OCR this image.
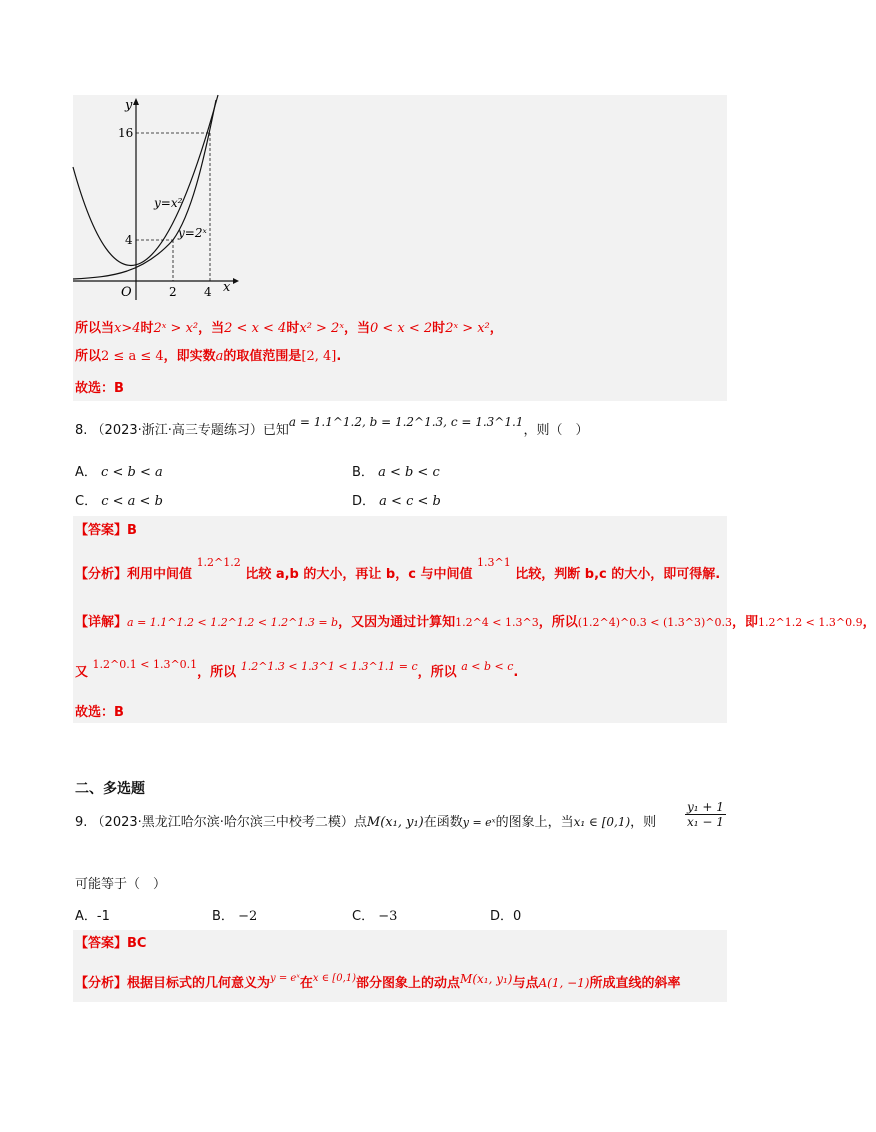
y
x
O
16
4
2 4
y=x²
y=2ˣ
所以当x>4时2ˣ > x²，当2 < x < 4时x² > 2ˣ，当0 < x < 2时2ˣ > x²，
所以2 ≤ a ≤ 4，即实数a的取值范围是[2, 4].
故选：B
8. （2023·浙江·高三专题练习）已知a = 1.1^1.2, b = 1.2^1.3, c = 1.3^1.1，则（　）
A． c < b < a	B． a < b < c
C． c < a < b	D． a < c < b
【答案】B
【分析】利用中间值 $^{1.2\^{}1.2}$ 比较 a,b 的大小，再让 b，c 与中间值 $^{1.3\^{}1}$ 比较，判断 b,c 的大小，即可得解.
【详解】a = 1.1^1.2 < 1.2^1.2 < 1.2^1.3 = b，又因为通过计算知1.2^4 < 1.3^3，所以(1.2^4)^0.3 < (1.3^3)^0.3，即1.2^1.2 < 1.3^0.9，
又 $^{1.2\^{}0.1 < 1.3\^{}0.1}$，所以 $^{1.2\^{}1.3 < 1.3\^{}1 < 1.3\^{}1.1 = c}$，所以 $^{a < b < c}$.
故选：B
二、多选题
9. （2023·黑龙江哈尔滨·哈尔滨三中校考二模）点M(x₁, y₁)在函数y = eˣ的图象上，当x₁ ∈ [0,1)，则 $\frac{\text{y₁ + 1}}{\text{x₁ − 1}}$
可能等于（　）
A．-1	B． −2	C． −3	D．0
【答案】BC
【分析】根据目标式的几何意义为$^{y = eˣ}$在$^{x \in [0,1)}$部分图象上的动点M(x₁, y₁)与点A(1, −1)所成直线的斜率
